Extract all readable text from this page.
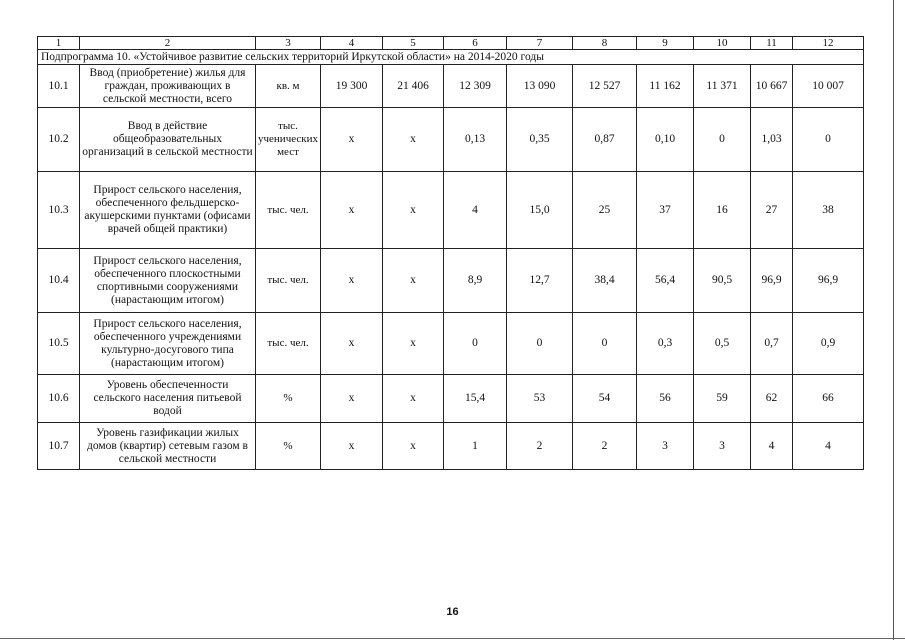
1	2	3	4	5	6	7	8	9	10	11	12
Подпрограмма 10. «Устойчивое развитие сельских территорий Иркутской области» на 2014-2020 годы											
10.1	Ввод (приобретение) жилья для граждан, проживающих в сельской местности, всего	кв. м	19 300	21 406	12 309	13 090	12 527	11 162	11 371	10 667	10 007
10.2	Ввод в действие общеобразовательных организаций в сельской местности	тыс. ученических мест	х	х	0,13	0,35	0,87	0,10	0	1,03	0
10.3	Прирост сельского населения, обеспеченного фельдшерско-акушерскими пунктами (офисами врачей общей практики)	тыс. чел.	х	х	4	15,0	25	37	16	27	38
10.4	Прирост сельского населения, обеспеченного плоскостными спортивными сооружениями (нарастающим итогом)	тыс. чел.	х	х	8,9	12,7	38,4	56,4	90,5	96,9	96,9
10.5	Прирост сельского населения, обеспеченного учреждениями культурно-досугового типа (нарастающим итогом)	тыс. чел.	х	х	0	0	0	0,3	0,5	0,7	0,9
10.6	Уровень обеспеченности сельского населения питьевой водой	%	х	х	15,4	53	54	56	59	62	66
10.7	Уровень газификации жилых домов (квартир) сетевым газом в сельской местности	%	х	х	1	2	2	3	3	4	4
16
